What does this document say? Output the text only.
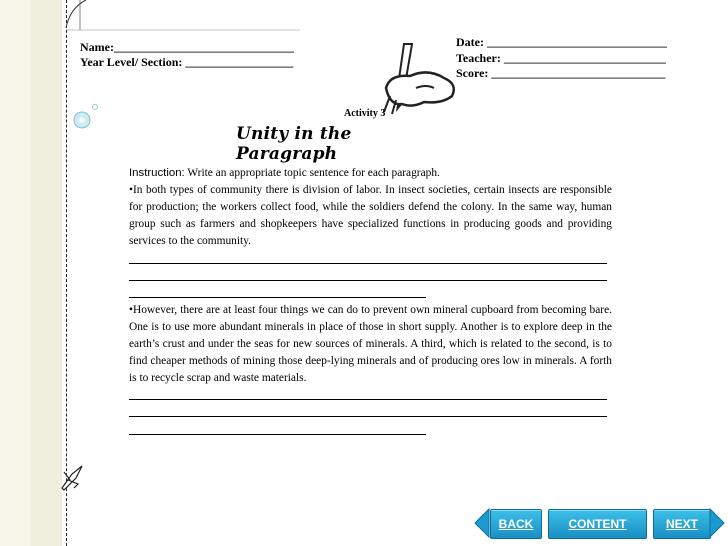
Name:______________________________
Year Level/ Section: __________________
Date: ______________________________
Teacher: ___________________________
Score: _____________________________
Activity 3
Unity in the Paragraph

Instruction: Write an appropriate topic sentence for each paragraph.

•In both types of community there is division of labor. In insect societies, certain insects are responsible for production; the workers collect food, while the soldiers defend the colony. In the same way, human group such as farmers and shopkeepers have specialized functions in producing goods and providing services to the community.

•However, there are at least four things we can do to prevent own mineral cupboard from becoming bare. One is to use more abundant minerals in place of those in short supply. Another is to explore deep in the earth’s crust and under the seas for new sources of minerals. A third, which is related to the second, is to find cheaper methods of mining those deep-lying minerals and of producing ores low in minerals. A forth is to recycle scrap and waste materials.

BACK	CONTENT	NEXT
